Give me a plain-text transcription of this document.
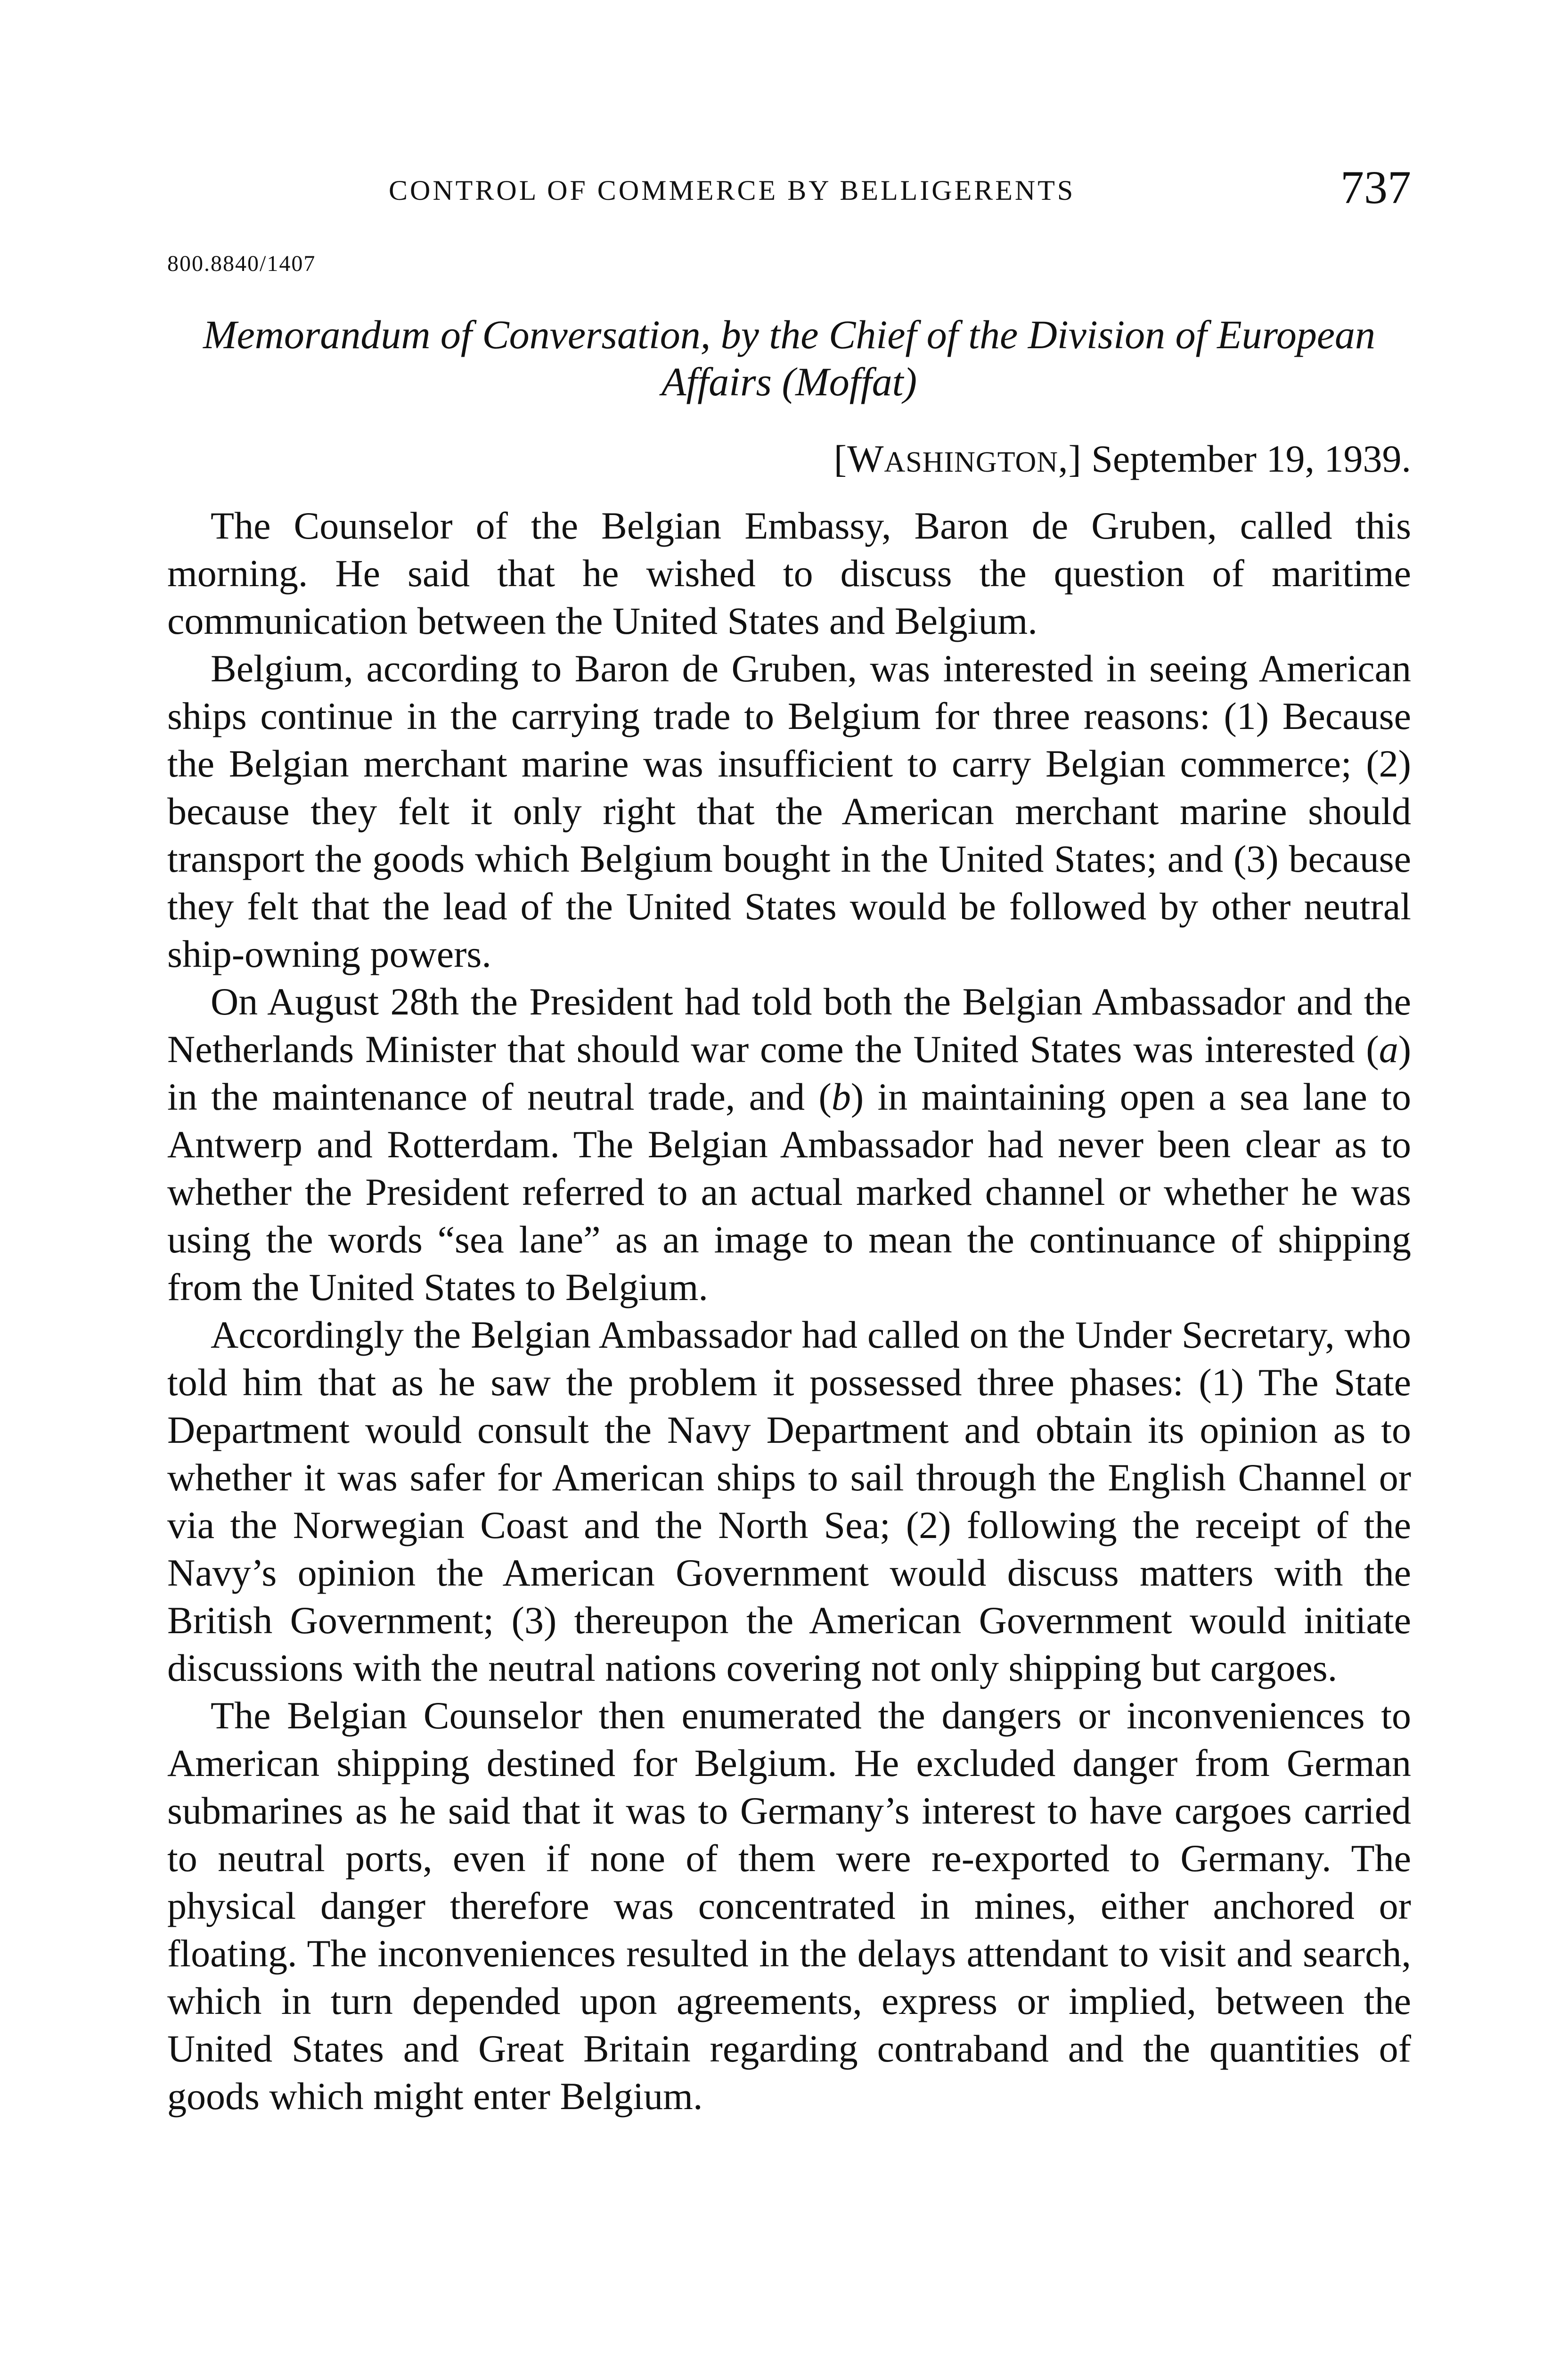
CONTROL OF COMMERCE BY BELLIGERENTS	737
800.8840/1407
Memorandum of Conversation, by the Chief of the Division of European Affairs (Moffat)
[WASHINGTON,] September 19, 1939.

The Counselor of the Belgian Embassy, Baron de Gruben, called this morning. He said that he wished to discuss the question of maritime communication between the United States and Belgium.

Belgium, according to Baron de Gruben, was interested in seeing American ships continue in the carrying trade to Belgium for three reasons: (1) Because the Belgian merchant marine was insufficient to carry Belgian commerce; (2) because they felt it only right that the American merchant marine should transport the goods which Belgium bought in the United States; and (3) because they felt that the lead of the United States would be followed by other neutral ship-owning powers.

On August 28th the President had told both the Belgian Ambassador and the Netherlands Minister that should war come the United States was interested (a) in the maintenance of neutral trade, and (b) in maintaining open a sea lane to Antwerp and Rotterdam. The Belgian Ambassador had never been clear as to whether the President referred to an actual marked channel or whether he was using the words “sea lane” as an image to mean the continuance of shipping from the United States to Belgium.

Accordingly the Belgian Ambassador had called on the Under Secretary, who told him that as he saw the problem it possessed three phases: (1) The State Department would consult the Navy Department and obtain its opinion as to whether it was safer for American ships to sail through the English Channel or via the Norwegian Coast and the North Sea; (2) following the receipt of the Navy’s opinion the American Government would discuss matters with the British Government; (3) thereupon the American Government would initiate discussions with the neutral nations covering not only shipping but cargoes.

The Belgian Counselor then enumerated the dangers or inconveniences to American shipping destined for Belgium. He excluded danger from German submarines as he said that it was to Germany’s interest to have cargoes carried to neutral ports, even if none of them were re-exported to Germany. The physical danger therefore was concentrated in mines, either anchored or floating. The inconveniences resulted in the delays attendant to visit and search, which in turn depended upon agreements, express or implied, between the United States and Great Britain regarding contraband and the quantities of goods which might enter Belgium.
